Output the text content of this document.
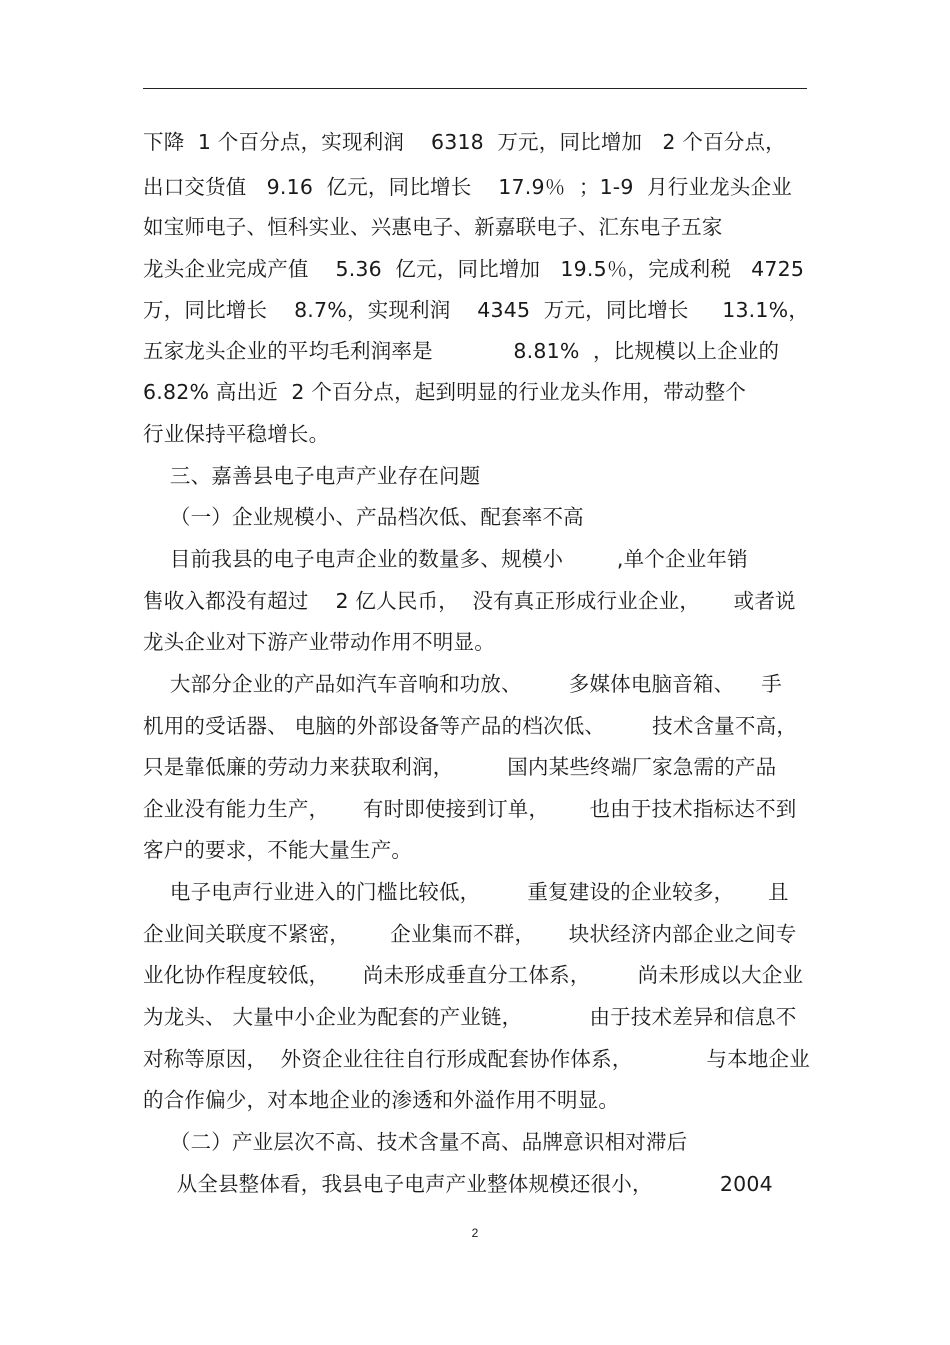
下降  1 个百分点，实现利润    6318  万元，同比增加   2 个百分点，
出口交货值   9.16  亿元，同比增长    17.9％  ；1-9  月行业龙头企业
如宝师电子、恒科实业、兴惠电子、新嘉联电子、汇东电子五家
龙头企业完成产值    5.36  亿元，同比增加   19.5％，完成利税   4725
万，同比增长    8.7%，实现利润    4345  万元，同比增长     13.1%，
五家龙头企业的平均毛利润率是            8.81%  ，比规模以上企业的
6.82% 高出近  2 个百分点，起到明显的行业龙头作用，带动整个
行业保持平稳增长。
三、嘉善县电子电声产业存在问题
（一）企业规模小、产品档次低、配套率不高
目前我县的电子电声企业的数量多、规模小        ,单个企业年销
售收入都没有超过    2 亿人民币，  没有真正形成行业企业，     或者说
龙头企业对下游产业带动作用不明显。
大部分企业的产品如汽车音响和功放、       多媒体电脑音箱、    手
机用的受话器、 电脑的外部设备等产品的档次低、       技术含量不高，
只是靠低廉的劳动力来获取利润，        国内某些终端厂家急需的产品
企业没有能力生产，     有时即使接到订单，      也由于技术指标达不到
客户的要求，不能大量生产。
电子电声行业进入的门槛比较低，       重复建设的企业较多，     且
企业间关联度不紧密，      企业集而不群，     块状经济内部企业之间专
业化协作程度较低，     尚未形成垂直分工体系，       尚未形成以大企业
为龙头、 大量中小企业为配套的产业链，          由于技术差异和信息不
对称等原因，  外资企业往往自行形成配套协作体系，           与本地企业
的合作偏少，对本地企业的渗透和外溢作用不明显。
（二）产业层次不高、技术含量不高、品牌意识相对滞后
从全县整体看，我县电子电声产业整体规模还很小，          2004
2
